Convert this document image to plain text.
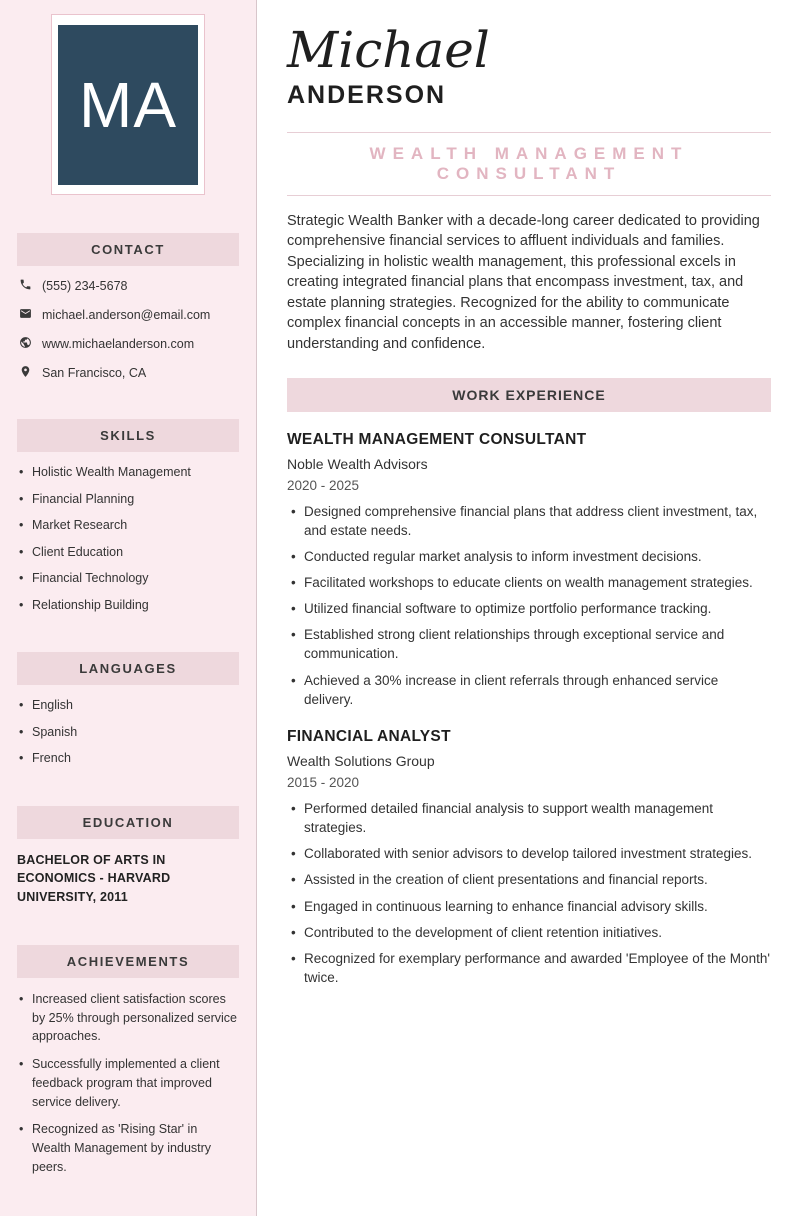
MA
CONTACT
(555) 234-5678
michael.anderson@email.com
www.michaelanderson.com
San Francisco, CA
SKILLS
• Holistic Wealth Management
• Financial Planning
• Market Research
• Client Education
• Financial Technology
• Relationship Building
LANGUAGES
• English
• Spanish
• French
EDUCATION
BACHELOR OF ARTS IN ECONOMICS - HARVARD UNIVERSITY, 2011
ACHIEVEMENTS
• Increased client satisfaction scores by 25% through personalized service approaches.
• Successfully implemented a client feedback program that improved service delivery.
• Recognized as 'Rising Star' in Wealth Management by industry peers.
Michael
ANDERSON
WEALTH MANAGEMENT CONSULTANT

Strategic Wealth Banker with a decade-long career dedicated to providing comprehensive financial services to affluent individuals and families. Specializing in holistic wealth management, this professional excels in creating integrated financial plans that encompass investment, tax, and estate planning strategies. Recognized for the ability to communicate complex financial concepts in an accessible manner, fostering client understanding and confidence.

WORK EXPERIENCE
WEALTH MANAGEMENT CONSULTANT
Noble Wealth Advisors
2020 - 2025
• Designed comprehensive financial plans that address client investment, tax, and estate needs.
• Conducted regular market analysis to inform investment decisions.
• Facilitated workshops to educate clients on wealth management strategies.
• Utilized financial software to optimize portfolio performance tracking.
• Established strong client relationships through exceptional service and communication.
• Achieved a 30% increase in client referrals through enhanced service delivery.
FINANCIAL ANALYST
Wealth Solutions Group
2015 - 2020
• Performed detailed financial analysis to support wealth management strategies.
• Collaborated with senior advisors to develop tailored investment strategies.
• Assisted in the creation of client presentations and financial reports.
• Engaged in continuous learning to enhance financial advisory skills.
• Contributed to the development of client retention initiatives.
• Recognized for exemplary performance and awarded 'Employee of the Month' twice.
